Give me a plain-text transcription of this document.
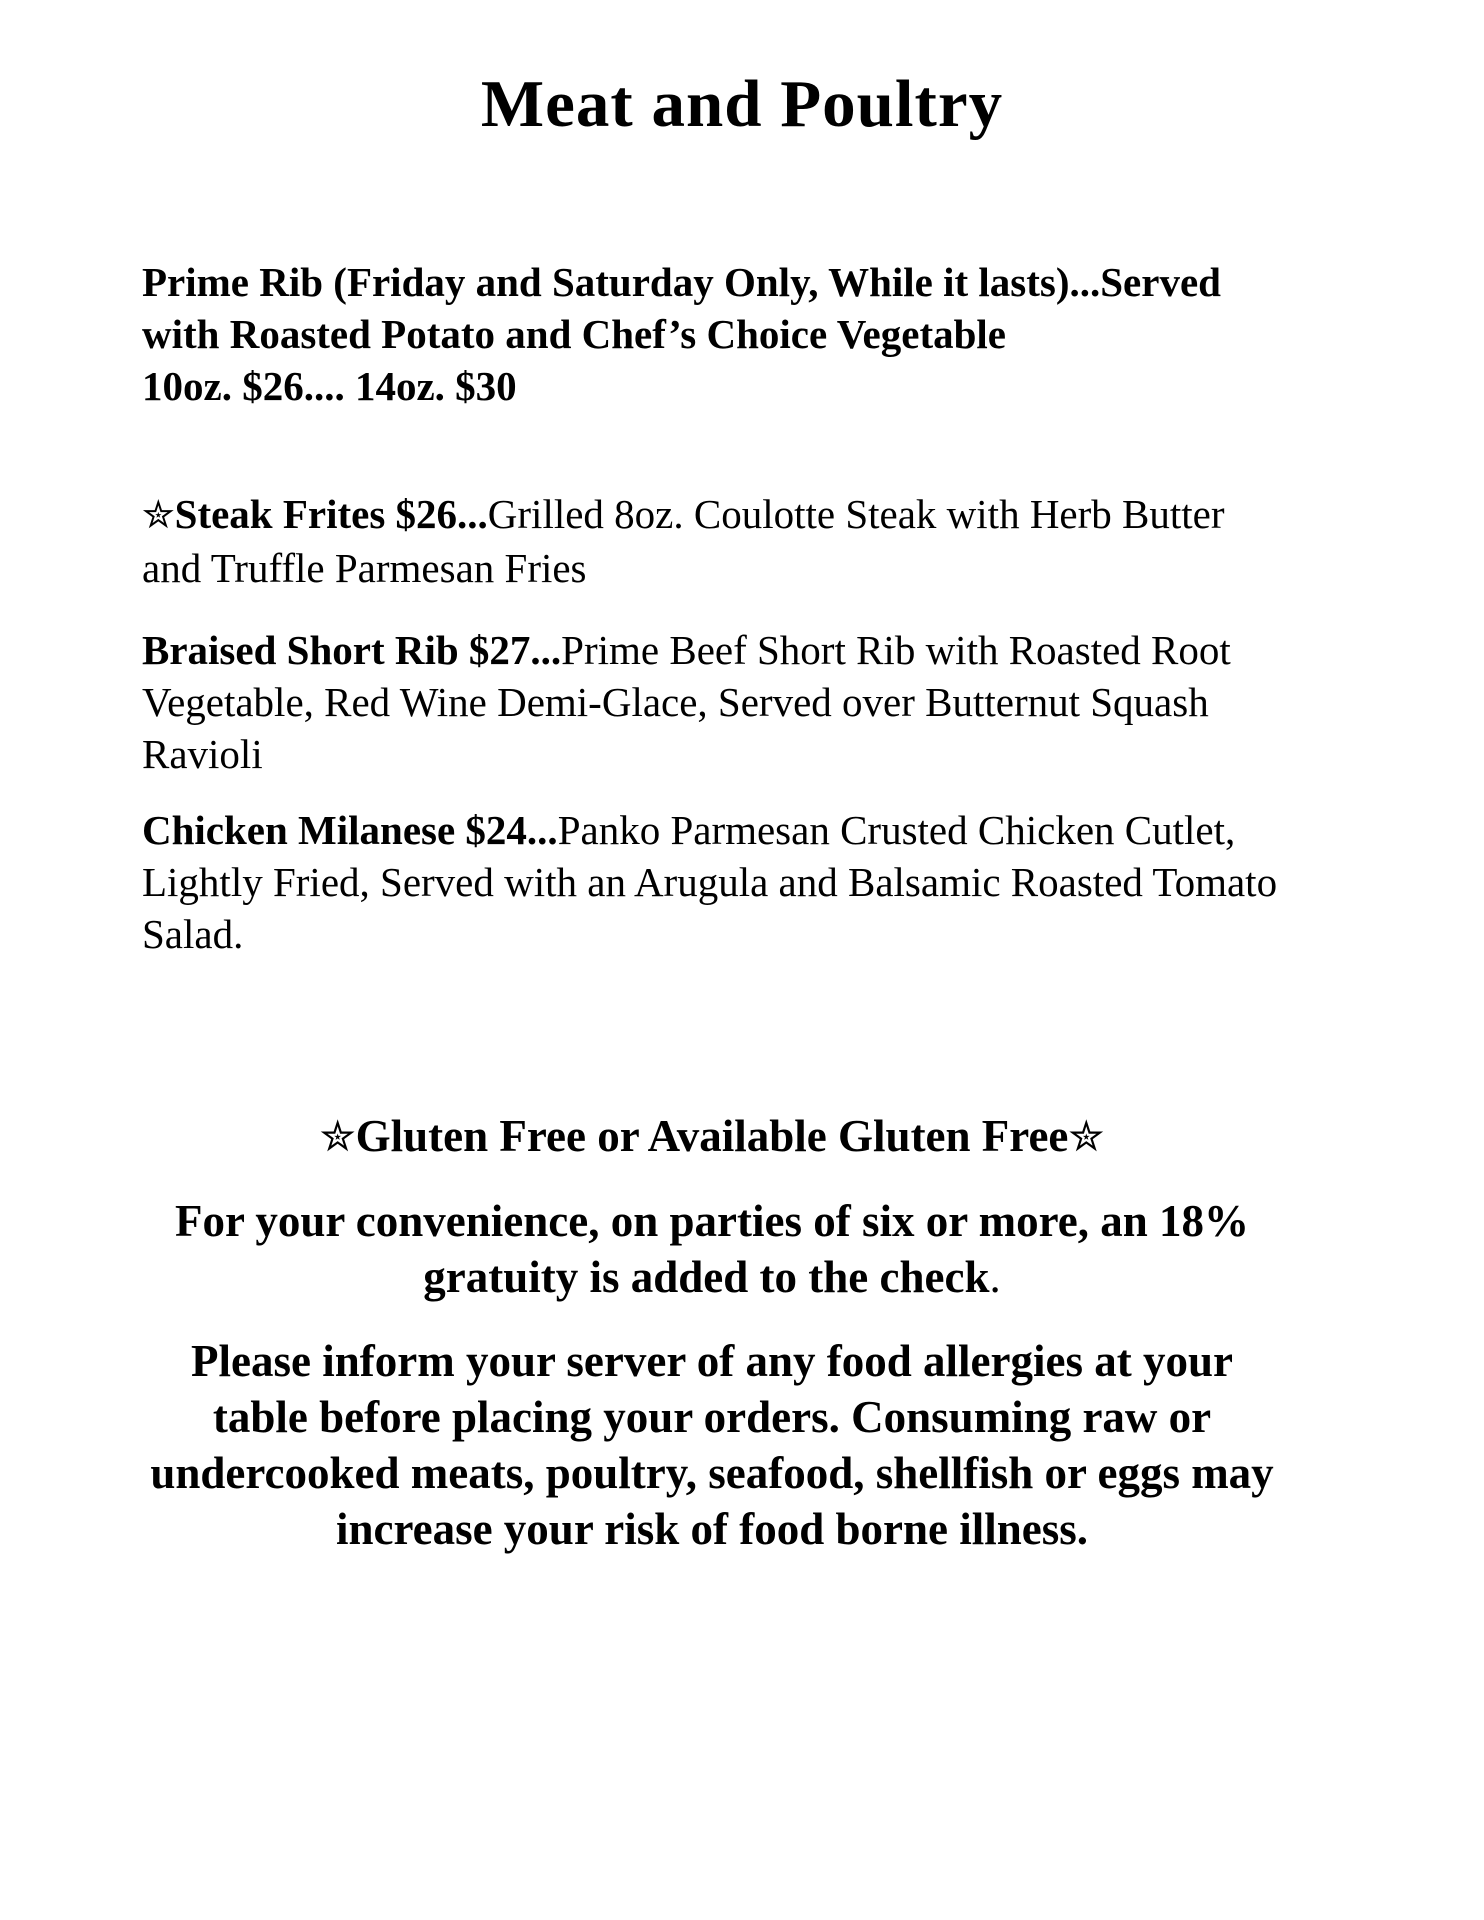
Meat and Poultry

Prime Rib (Friday and Saturday Only, While it lasts)...Served with Roasted Potato and Chef’s Choice Vegetable
10oz. $26.... 14oz. $30

✮Steak Frites $26...Grilled 8oz. Coulotte Steak with Herb Butter and Truffle Parmesan Fries

Braised Short Rib $27...Prime Beef Short Rib with Roasted Root Vegetable, Red Wine Demi-Glace, Served over Butternut Squash Ravioli

Chicken Milanese $24...Panko Parmesan Crusted Chicken Cutlet, Lightly Fried, Served with an Arugula and Balsamic Roasted Tomato Salad.

✮Gluten Free or Available Gluten Free✮

For your convenience, on parties of six or more, an 18% gratuity is added to the check.

Please inform your server of any food allergies at your table before placing your orders. Consuming raw or undercooked meats, poultry, seafood, shellfish or eggs may increase your risk of food borne illness.
